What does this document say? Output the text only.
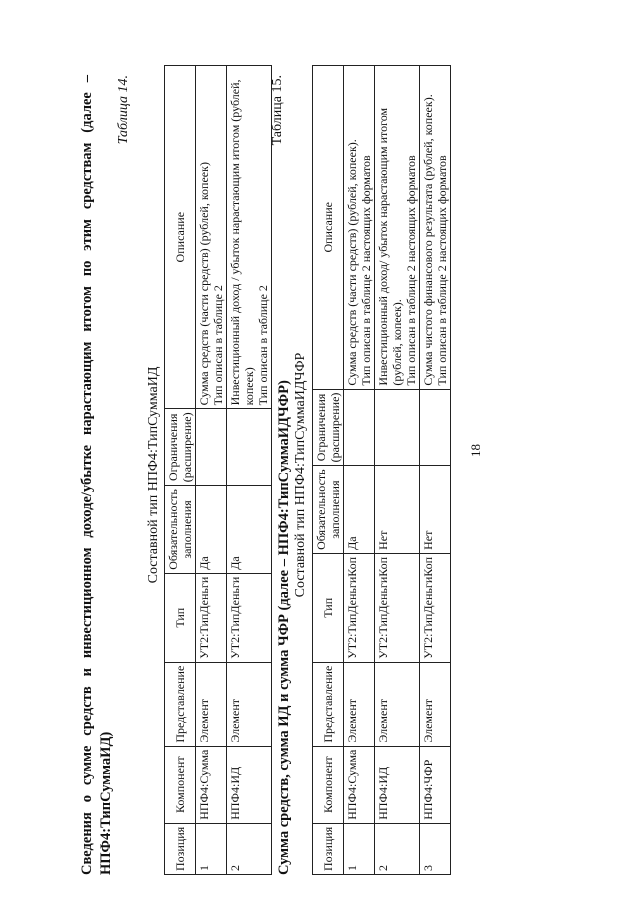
18

Сведения о сумме средств и инвестиционном доходе/убытке нарастающим итогом по этим средствам (далее – НПФ4:ТипСуммаИД)

Таблица 14.
Составной тип НПФ4:ТипСуммаИД
Позиция	Компонент	Представление	Тип	Обязательность заполнения	Ограничения (расширение)	Описание
1	НПФ4:Сумма	Элемент	УТ2:ТипДеньги	Да		Сумма средств (части средств) (рублей, копеек) Тип описан в таблице 2

2	НПФ4:ИД	Элемент	УТ2:ТипДеньги	Да		Инвестиционный доход / убыток нарастающим итогом (рублей, копеек) Тип описан в таблице 2

Сумма средств, сумма ИД и сумма ЧФР (далее – НПФ4:ТипСуммаИДЧФР)

Таблица 15.
Составной тип НПФ4:ТипСуммаИДЧФР
Позиция	Компонент	Представление	Тип	Обязательность заполнения	Ограничения (расширение)	Описание
1	НПФ4:Сумма	Элемент	УТ2:ТипДеньгиКоп	Да		Сумма средств (части средств) (рублей, копеек). Тип описан в таблице 2 настоящих форматов

2	НПФ4:ИД	Элемент	УТ2:ТипДеньгиКоп	Нет		Инвестиционный доход/ убыток нарастающим итогом (рублей, копеек). Тип описан в таблице 2 настоящих форматов

3	НПФ4:ЧФР	Элемент	УТ2:ТипДеньгиКоп	Нет		Сумма чистого финансового результата (рублей, копеек). Тип описан в таблице 2 настоящих форматов
